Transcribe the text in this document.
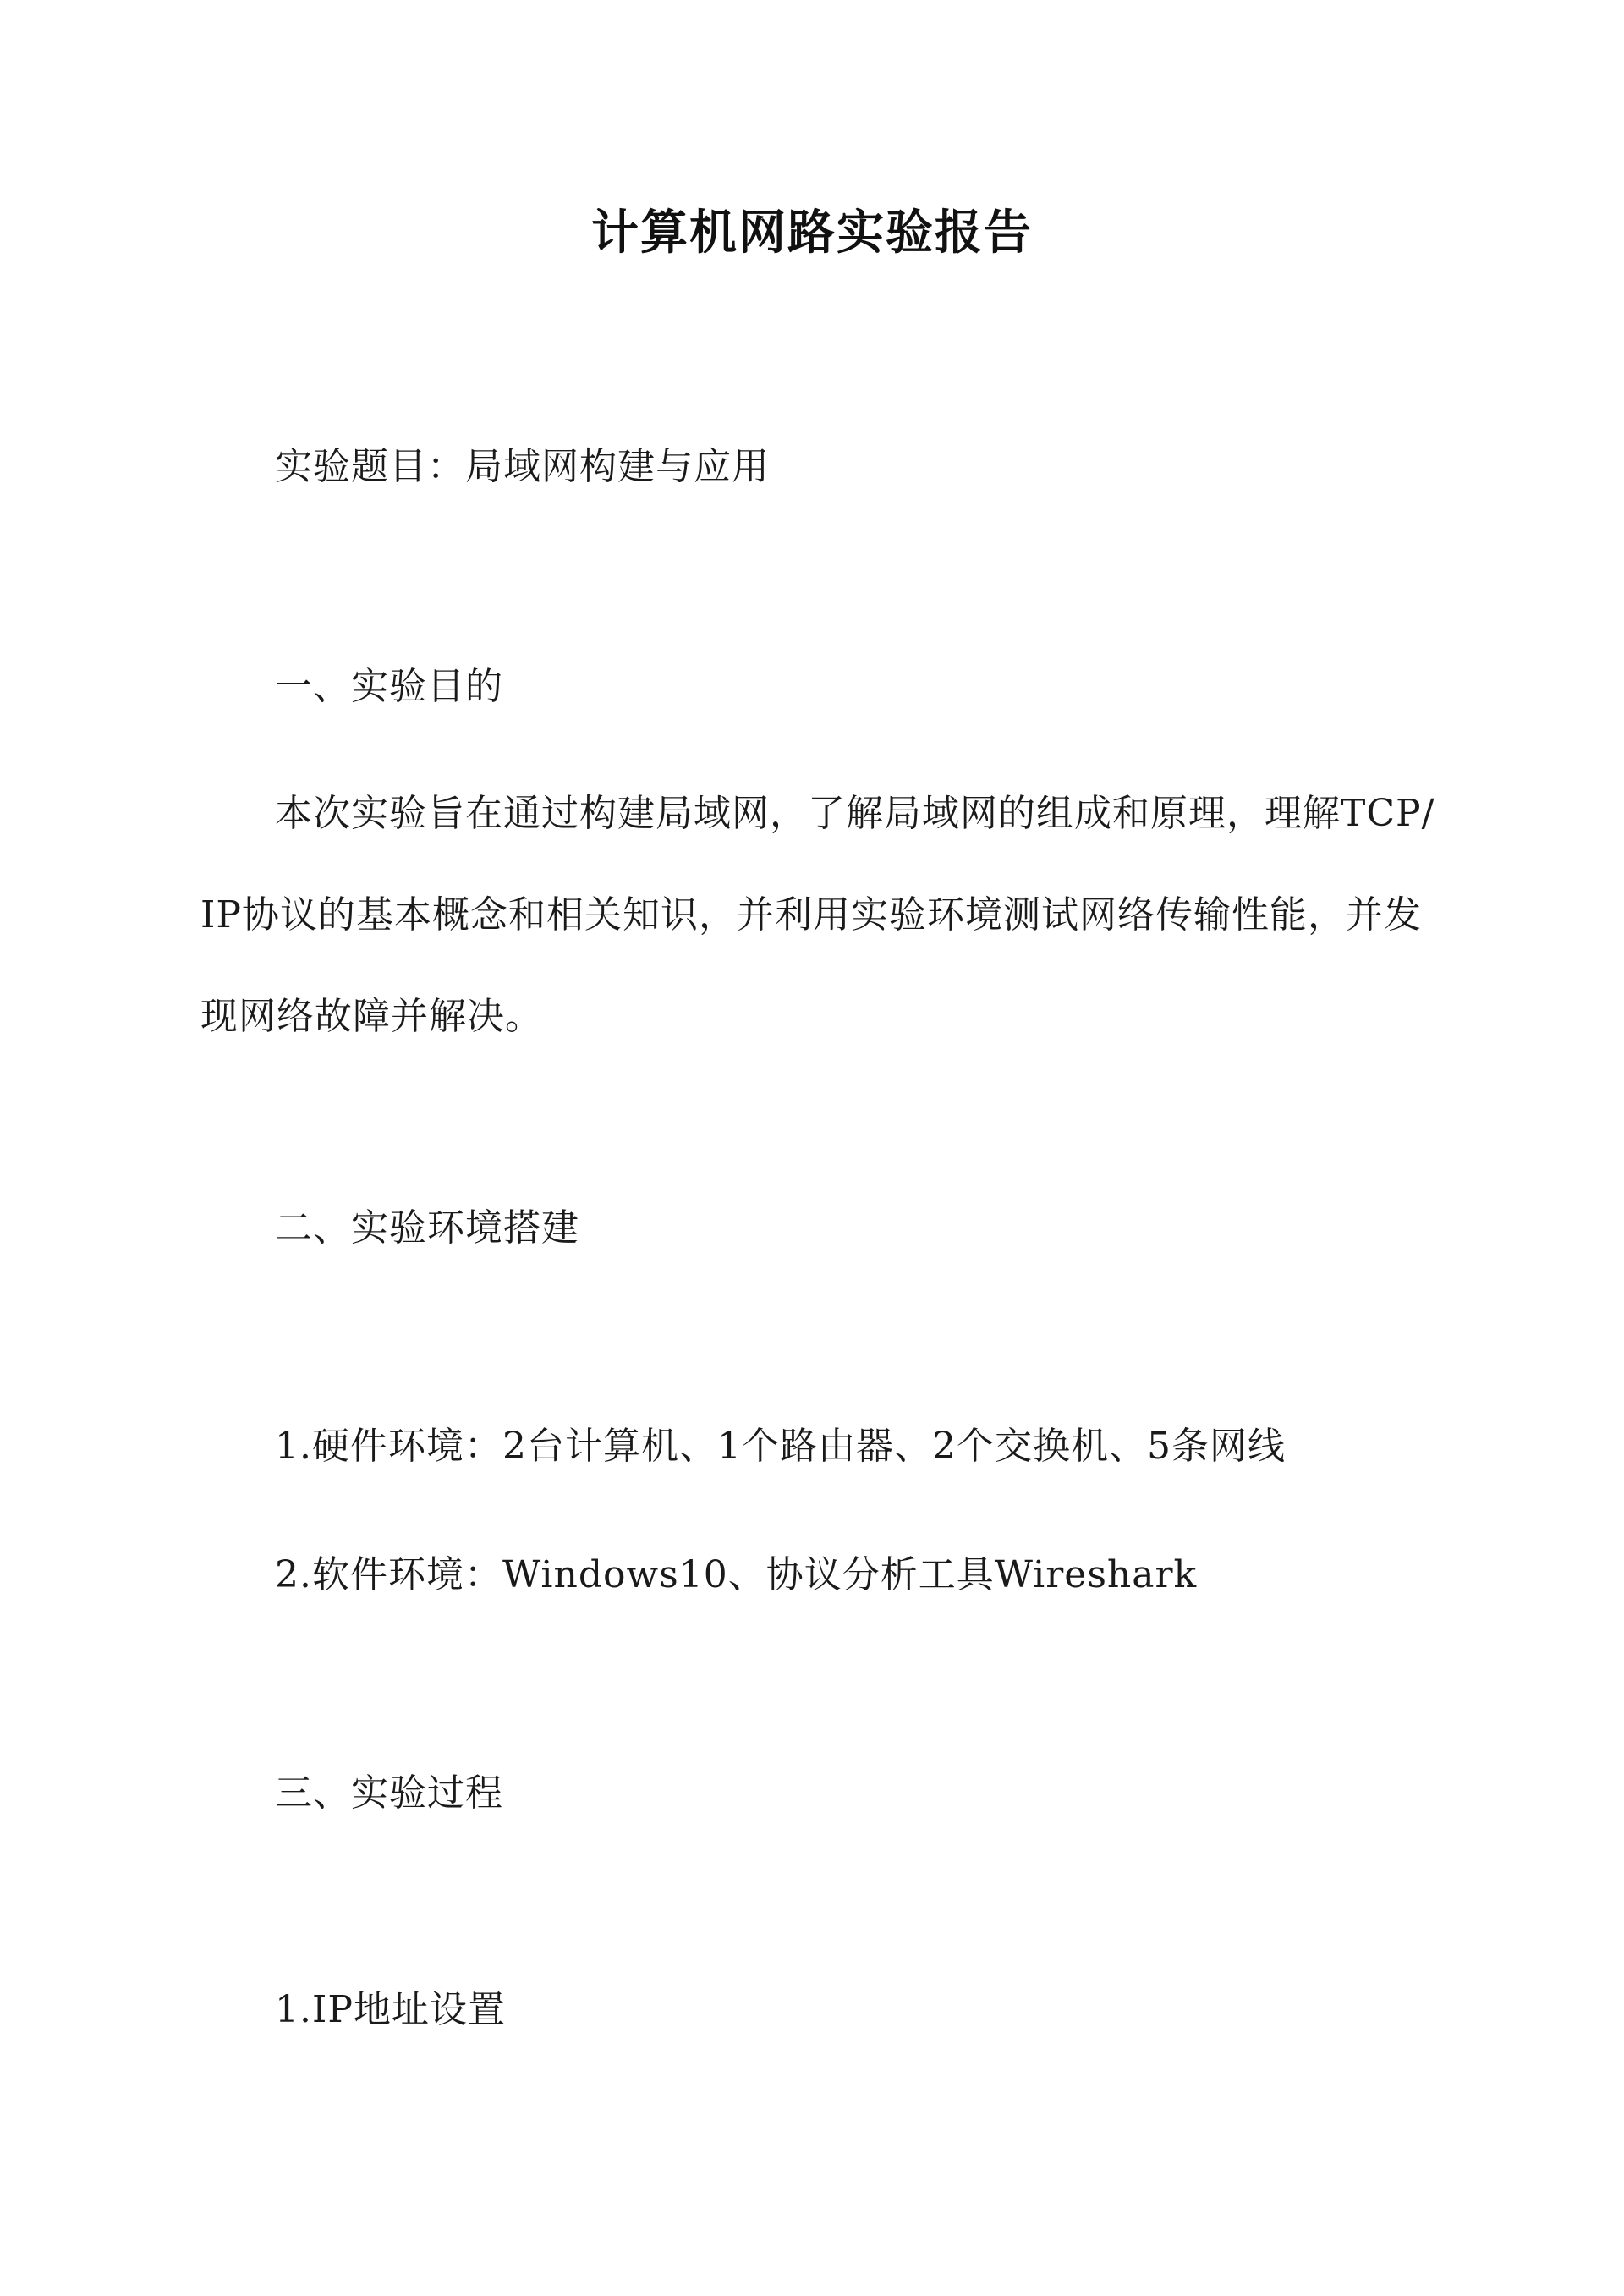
计算机网路实验报告
实验题目：局域网构建与应用
一、实验目的
本次实验旨在通过构建局域网，了解局域网的组成和原理，理解TCP/
IP协议的基本概念和相关知识，并利用实验环境测试网络传输性能，并发
现网络故障并解决。
二、实验环境搭建
1.硬件环境：2台计算机、1个路由器、2个交换机、5条网线
2.软件环境：Windows10、协议分析工具Wireshark
三、实验过程
1.IP地址设置
